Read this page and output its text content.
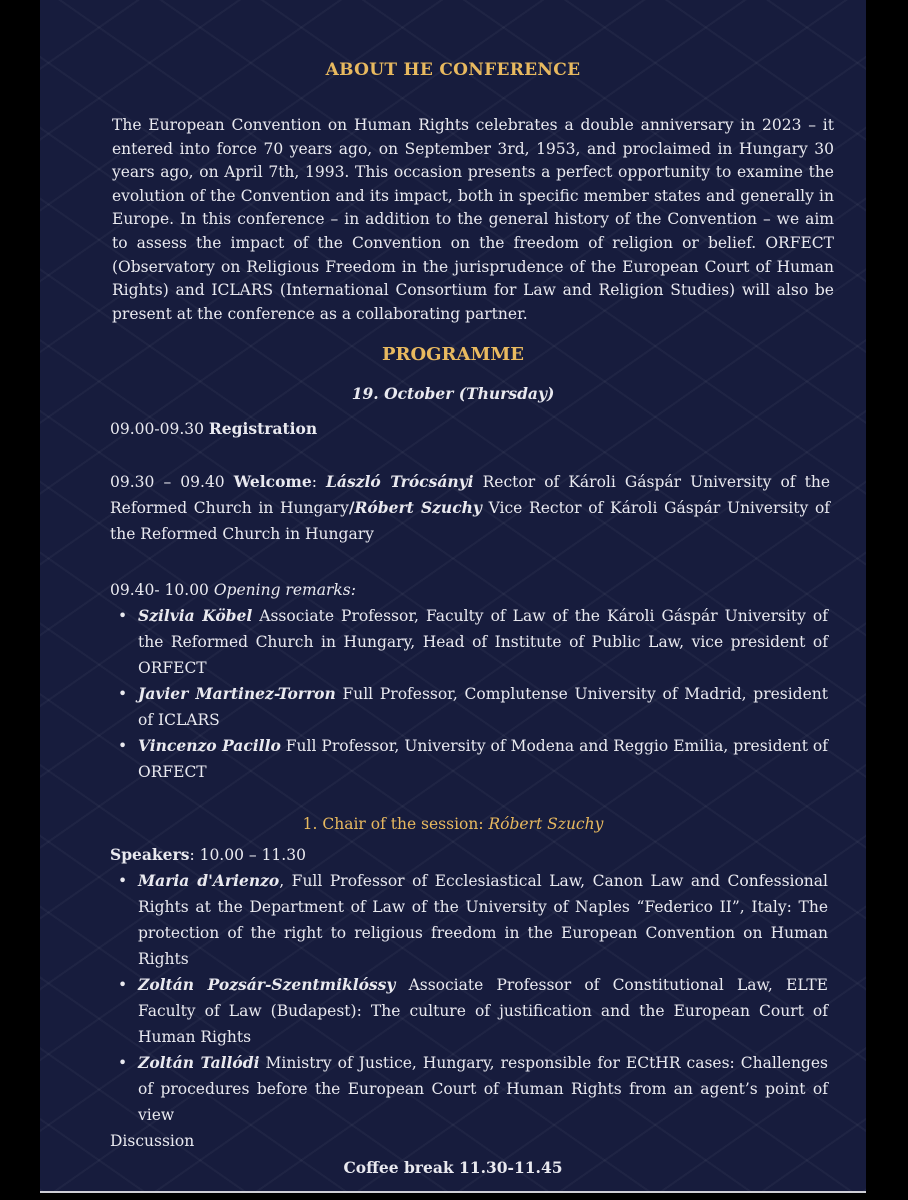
ABOUT HE CONFERENCE
The European Convention on Human Rights celebrates a double anniversary in 2023 – it entered into force 70 years ago, on September 3rd, 1953, and proclaimed in Hungary 30 years ago, on April 7th, 1993. This occasion presents a perfect opportunity to examine the evolution of the Convention and its impact, both in specific member states and generally in Europe. In this conference – in addition to the general history of the Convention – we aim to assess the impact of the Convention on the freedom of religion or belief. ORFECT (Observatory on Religious Freedom in the jurisprudence of the European Court of Human Rights) and ICLARS (International Consortium for Law and Religion Studies) will also be present at the conference as a collaborating partner.
PROGRAMME
19. October (Thursday)
09.00-09.30 Registration
09.30 – 09.40 Welcome: László Trócsányi Rector of Károli Gáspár University of the Reformed Church in Hungary/Róbert Szuchy Vice Rector of Károli Gáspár University of the Reformed Church in Hungary
09.40- 10.00 Opening remarks:
• Szilvia Köbel Associate Professor, Faculty of Law of the Károli Gáspár University of the Reformed Church in Hungary, Head of Institute of Public Law, vice president of ORFECT
• Javier Martinez-Torron Full Professor, Complutense University of Madrid, president of ICLARS
• Vincenzo Pacillo Full Professor, University of Modena and Reggio Emilia, president of ORFECT
1. Chair of the session: Róbert Szuchy
Speakers: 10.00 – 11.30
• Maria d'Arienzo, Full Professor of Ecclesiastical Law, Canon Law and Confessional Rights at the Department of Law of the University of Naples “Federico II”, Italy: The protection of the right to religious freedom in the European Convention on Human Rights
• Zoltán Pozsár-Szentmiklóssy Associate Professor of Constitutional Law, ELTE Faculty of Law (Budapest): The culture of justification and the European Court of Human Rights
• Zoltán Tallódi Ministry of Justice, Hungary, responsible for ECtHR cases: Challenges of procedures before the European Court of Human Rights from an agent’s point of view
Discussion
Coffee break 11.30-11.45
